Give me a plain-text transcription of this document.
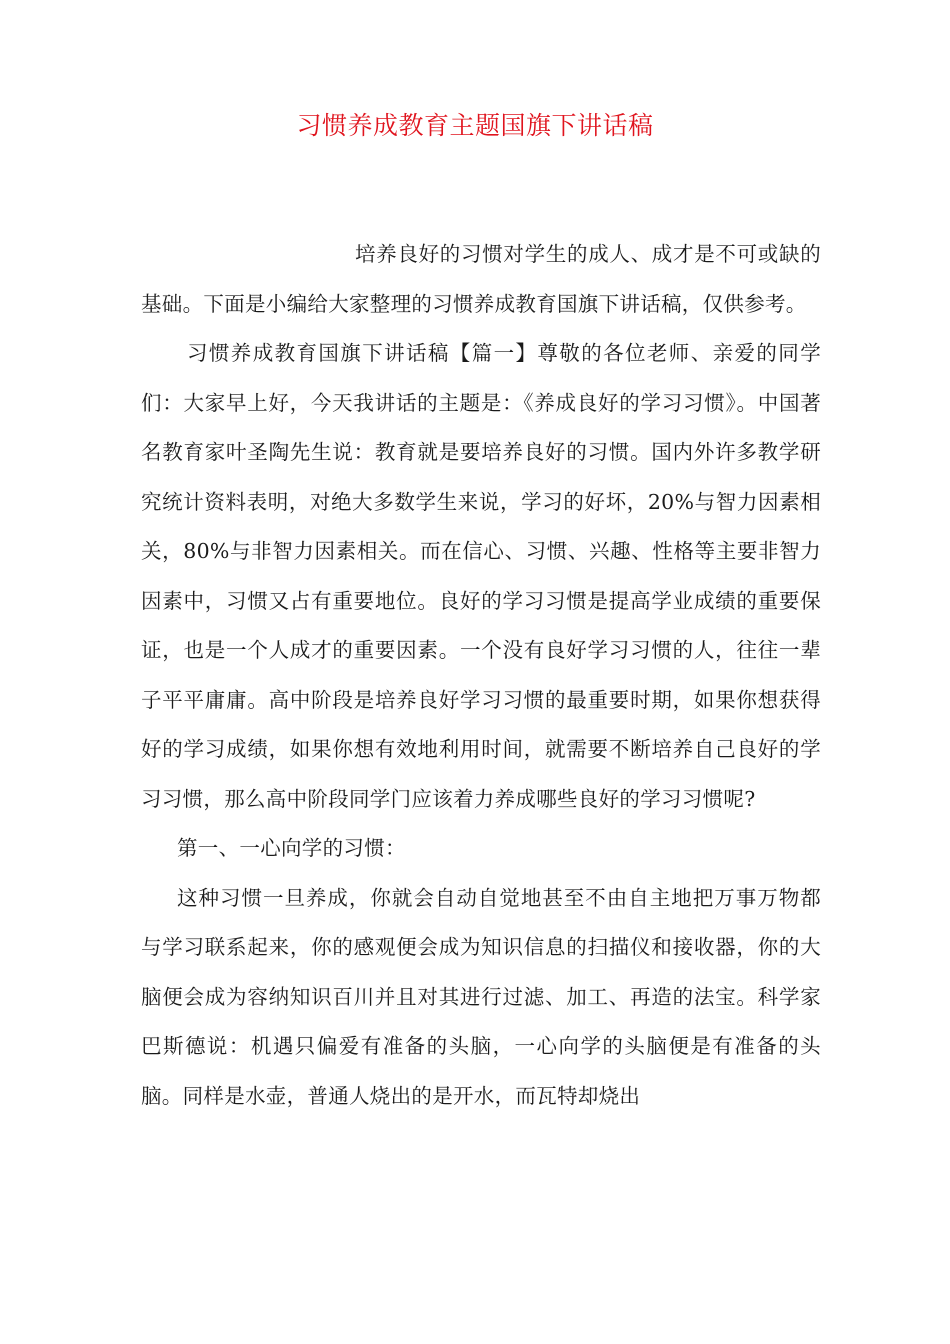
习惯养成教育主题国旗下讲话稿

培养良好的习惯对学生的成人、成才是不可或缺的基础。下面是小编给大家整理的习惯养成教育国旗下讲话稿，仅供参考。

习惯养成教育国旗下讲话稿【篇一】尊敬的各位老师、亲爱的同学们：大家早上好，今天我讲话的主题是：《养成良好的学习习惯》。中国著名教育家叶圣陶先生说：教育就是要培养良好的习惯。国内外许多教学研究统计资料表明，对绝大多数学生来说，学习的好坏，20%与智力因素相关，80%与非智力因素相关。而在信心、习惯、兴趣、性格等主要非智力因素中，习惯又占有重要地位。良好的学习习惯是提高学业成绩的重要保证，也是一个人成才的重要因素。一个没有良好学习习惯的人，往往一辈子平平庸庸。高中阶段是培养良好学习习惯的最重要时期，如果你想获得好的学习成绩，如果你想有效地利用时间，就需要不断培养自己良好的学习习惯，那么高中阶段同学门应该着力养成哪些良好的学习习惯呢?

第一、一心向学的习惯：

这种习惯一旦养成，你就会自动自觉地甚至不由自主地把万事万物都与学习联系起来，你的感观便会成为知识信息的扫描仪和接收器，你的大脑便会成为容纳知识百川并且对其进行过滤、加工、再造的法宝。科学家巴斯德说：机遇只偏爱有准备的头脑，一心向学的头脑便是有准备的头脑。同样是水壶，普通人烧出的是开水，而瓦特却烧出
